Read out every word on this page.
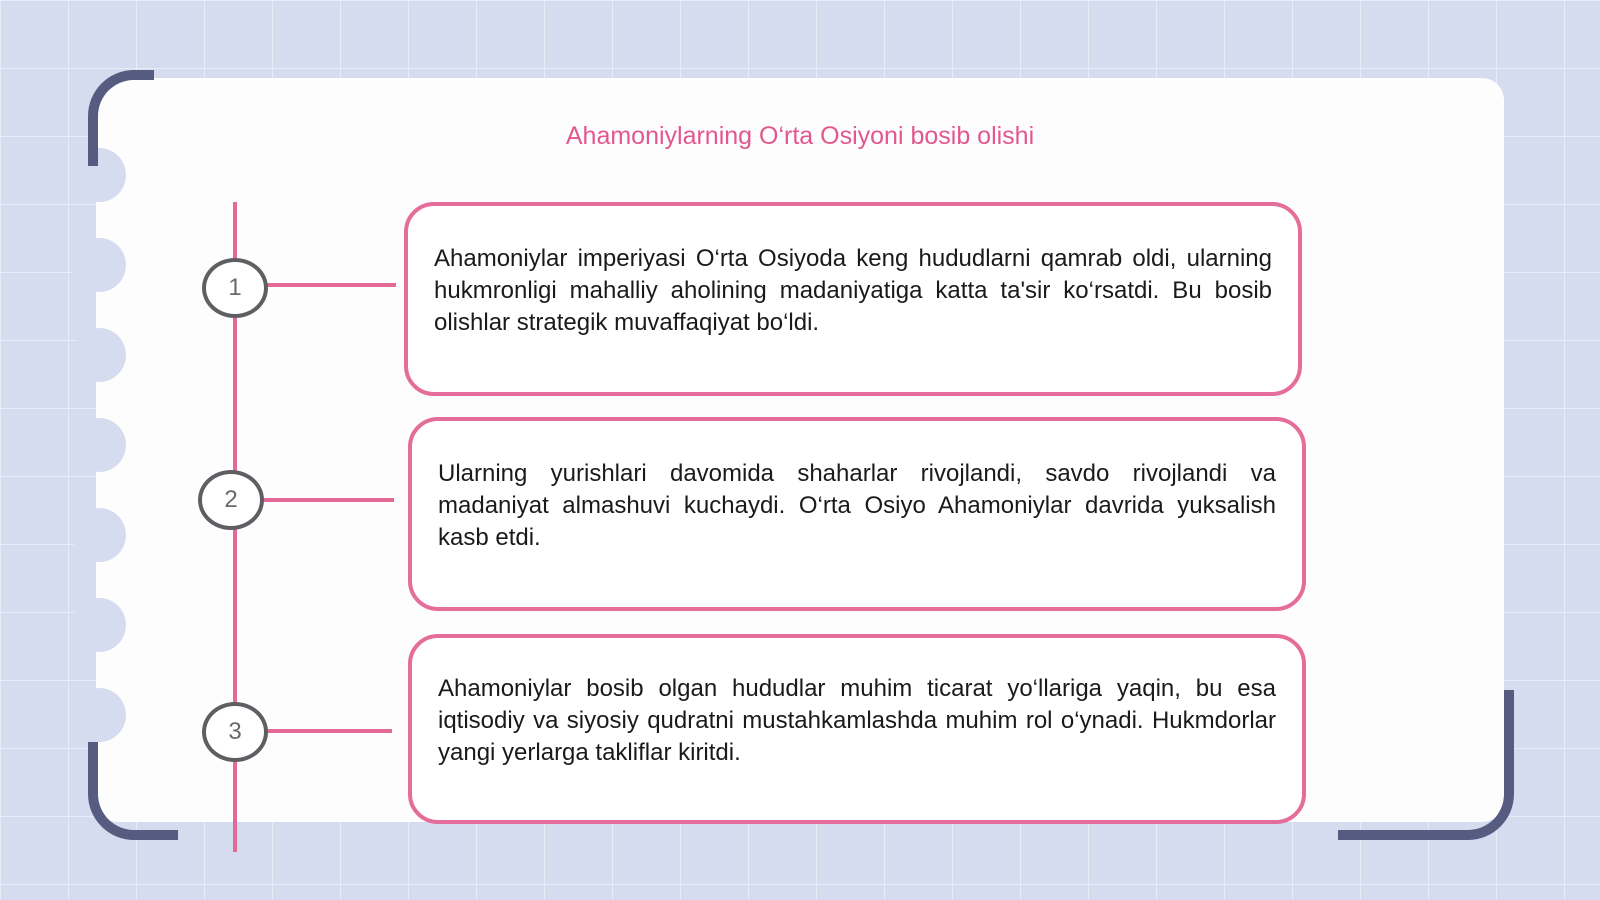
Ahamoniylarning O‘rta Osiyoni bosib olishi
1
2
3

Ahamoniylar imperiyasi O‘rta Osiyoda keng hududlarni qamrab oldi, ularning hukmronligi mahalliy aholining madaniyatiga katta ta'sir ko‘rsatdi. Bu bosib olishlar strategik muvaffaqiyat bo‘ldi.

Ularning yurishlari davomida shaharlar rivojlandi, savdo rivojlandi va madaniyat almashuvi kuchaydi. O‘rta Osiyo Ahamoniylar davrida yuksalish kasb etdi.

Ahamoniylar bosib olgan hududlar muhim ticarat yo‘llariga yaqin, bu esa iqtisodiy va siyosiy qudratni mustahkamlashda muhim rol o‘ynadi. Hukmdorlar yangi yerlarga takliflar kiritdi.
